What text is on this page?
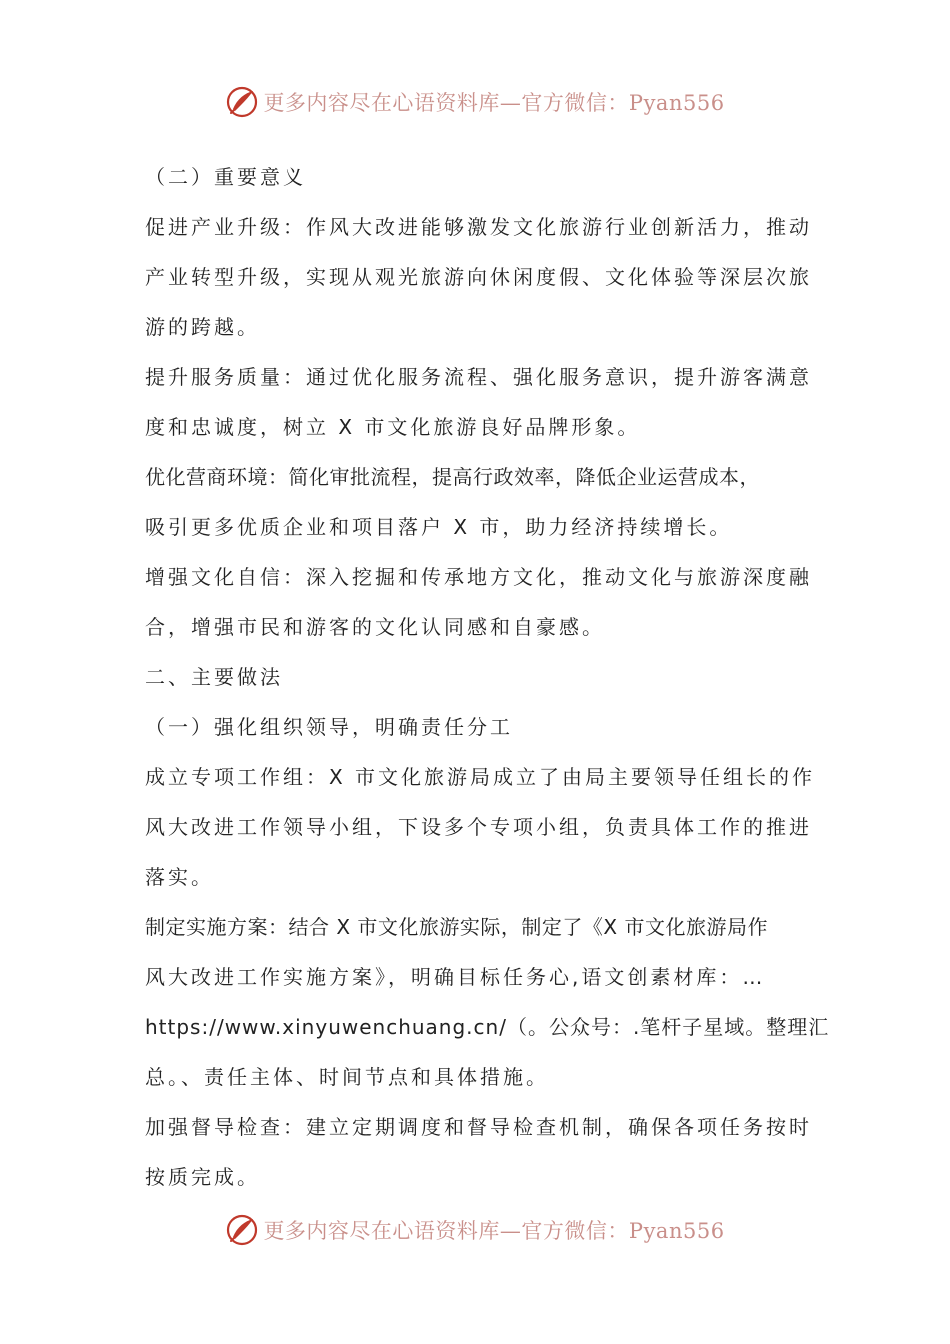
更多内容尽在心语资料库—官方微信：Pyan556
（二）重要意义
促进产业升级：作风大改进能够激发文化旅游行业创新活力，推动
产业转型升级，实现从观光旅游向休闲度假、文化体验等深层次旅
游的跨越。
提升服务质量：通过优化服务流程、强化服务意识，提升游客满意
度和忠诚度，树立 X 市文化旅游良好品牌形象。
优化营商环境：简化审批流程，提高行政效率，降低企业运营成本，
吸引更多优质企业和项目落户 X 市，助力经济持续增长。
增强文化自信：深入挖掘和传承地方文化，推动文化与旅游深度融
合，增强市民和游客的文化认同感和自豪感。
二、主要做法
（一）强化组织领导，明确责任分工
成立专项工作组：X 市文化旅游局成立了由局主要领导任组长的作
风大改进工作领导小组，下设多个专项小组，负责具体工作的推进
落实。
制定实施方案：结合 X 市文化旅游实际，制定了《X 市文化旅游局作
风大改进工作实施方案》，明确目标任务心,语文创素材库：…
https://www.xinyuwenchuang.cn/（。公众号：.笔杆子星域。整理汇
总。、责任主体、时间节点和具体措施。
加强督导检查：建立定期调度和督导检查机制，确保各项任务按时
按质完成。
更多内容尽在心语资料库—官方微信：Pyan556
